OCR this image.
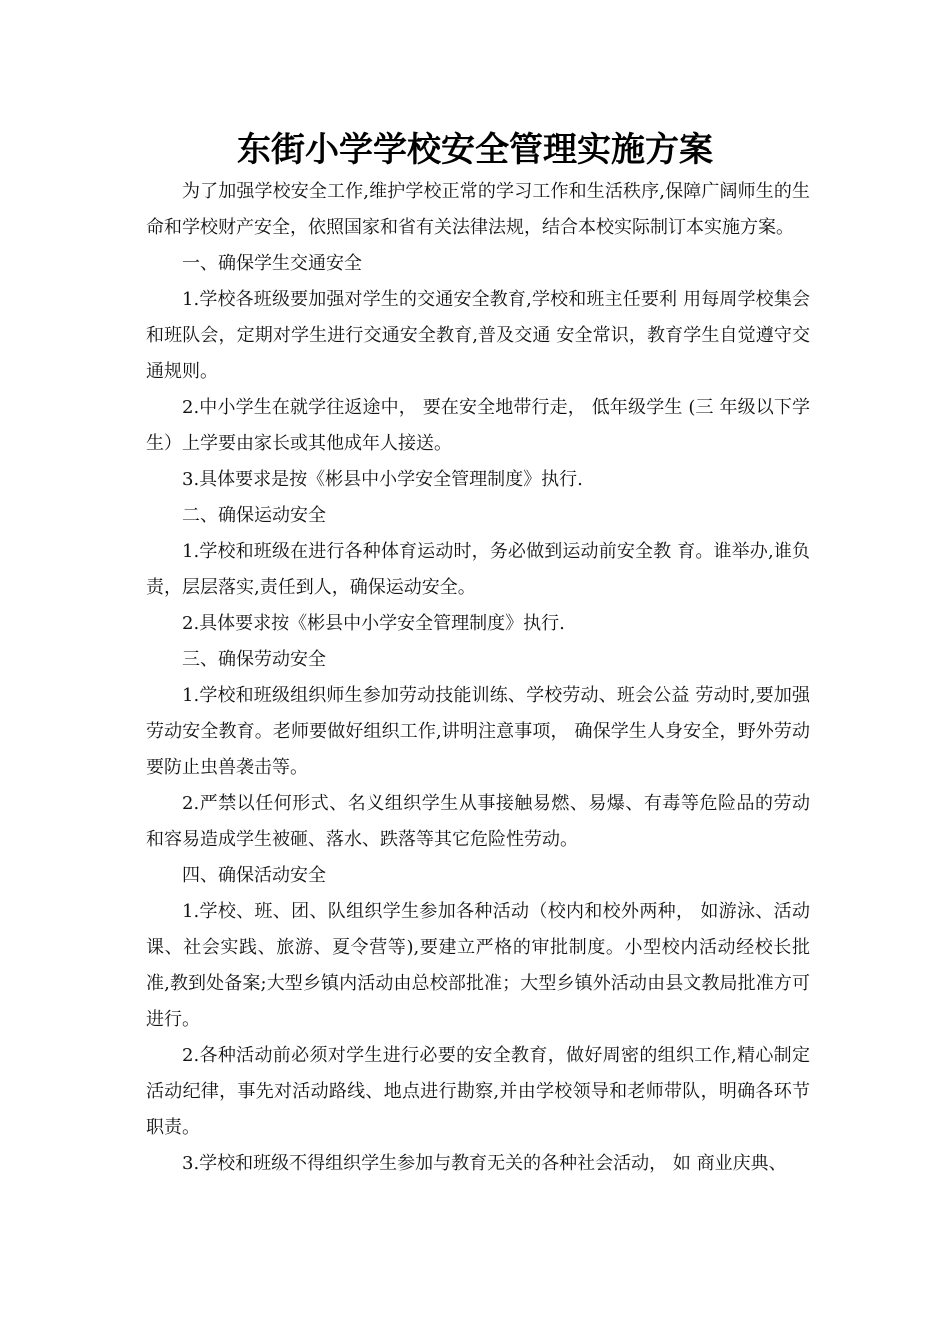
东街小学学校安全管理实施方案

为了加强学校安全工作,维护学校正常的学习工作和生活秩序,保障广阔师生的生命和学校财产安全，依照国家和省有关法律法规，结合本校实际制订本实施方案。

一、确保学生交通安全

1.学校各班级要加强对学生的交通安全教育,学校和班主任要利 用每周学校集会和班队会，定期对学生进行交通安全教育,普及交通 安全常识，教育学生自觉遵守交通规则。

2.中小学生在就学往返途中， 要在安全地带行走， 低年级学生 (三 年级以下学生）上学要由家长或其他成年人接送。

3.具体要求是按《彬县中小学安全管理制度》执行.

二、确保运动安全

1.学校和班级在进行各种体育运动时，务必做到运动前安全教 育。谁举办,谁负责，层层落实,责任到人，确保运动安全。

2.具体要求按《彬县中小学安全管理制度》执行.

三、确保劳动安全

1.学校和班级组织师生参加劳动技能训练、学校劳动、班会公益 劳动时,要加强劳动安全教育。老师要做好组织工作,讲明注意事项， 确保学生人身安全，野外劳动要防止虫兽袭击等。

2.严禁以任何形式、名义组织学生从事接触易燃、易爆、有毒等危险品的劳动和容易造成学生被砸、落水、跌落等其它危险性劳动。

四、确保活动安全

1.学校、班、团、队组织学生参加各种活动（校内和校外两种， 如游泳、活动课、社会实践、旅游、夏令营等),要建立严格的审批制度。小型校内活动经校长批准,教到处备案;大型乡镇内活动由总校部批准；大型乡镇外活动由县文教局批准方可进行。

2.各种活动前必须对学生进行必要的安全教育，做好周密的组织工作,精心制定活动纪律，事先对活动路线、地点进行勘察,并由学校领导和老师带队，明确各环节职责。

3.学校和班级不得组织学生参加与教育无关的各种社会活动， 如 商业庆典、
